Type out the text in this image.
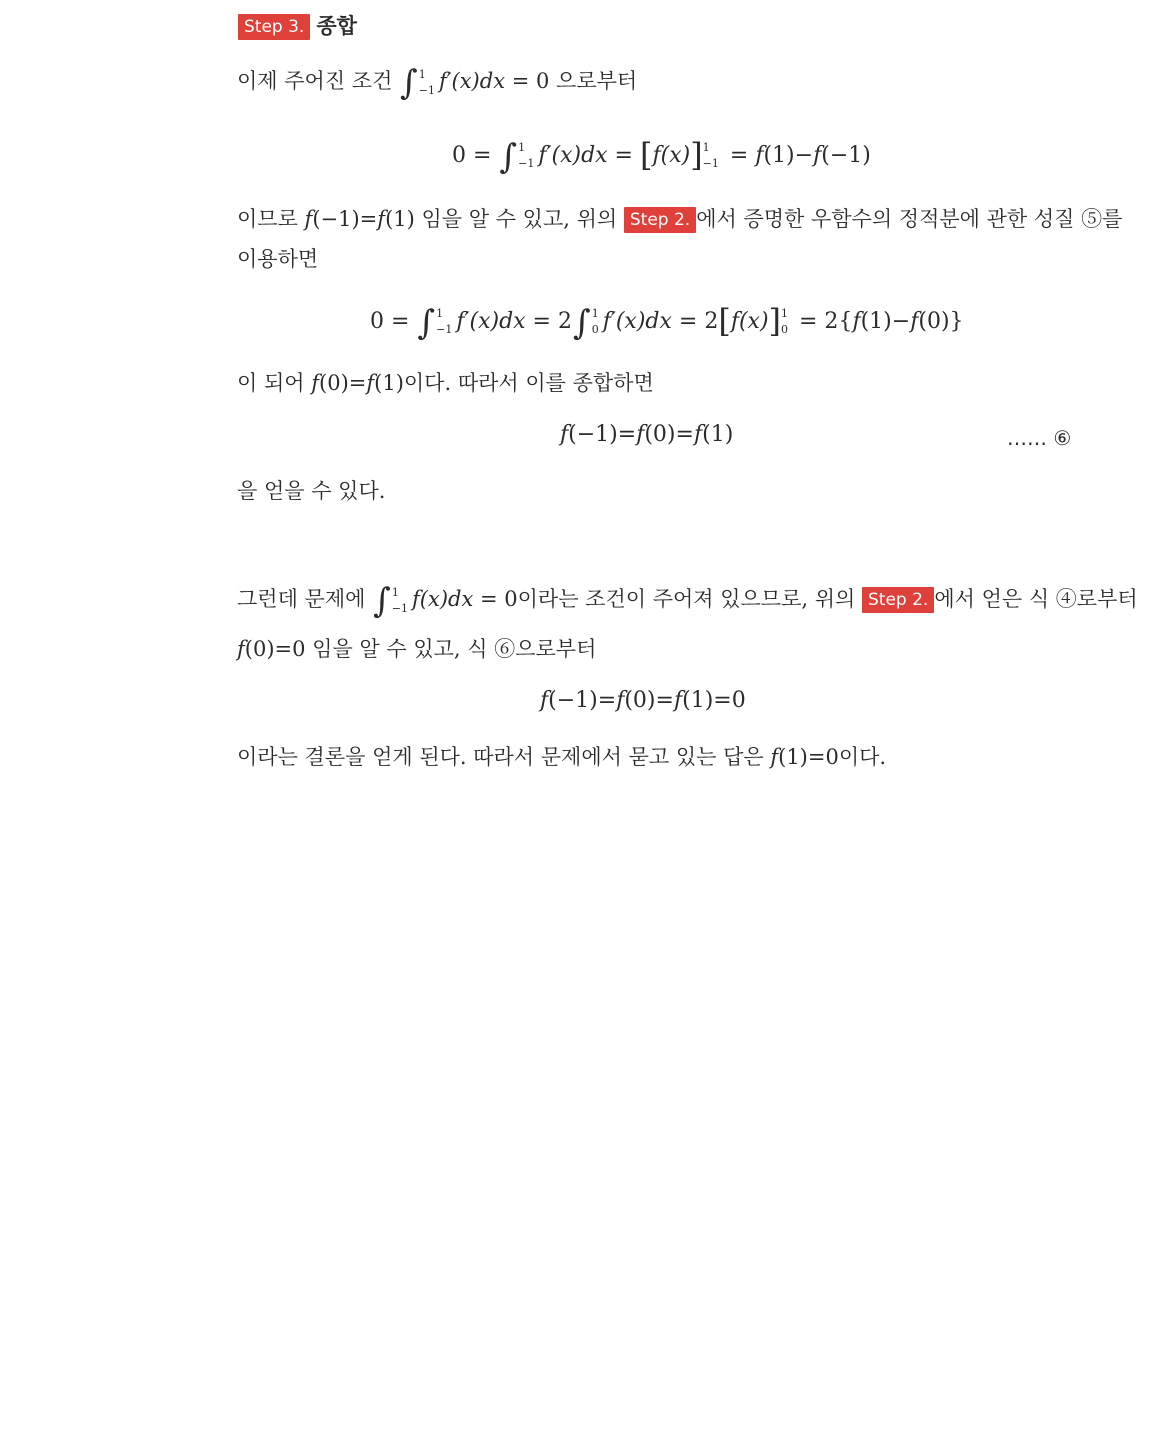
Step 3. 종합
이제 주어진 조건 ∫ 1
−1 f′(x)dx = 0 으로부터
0 = ∫ 1
−1 f′(x)dx = [f(x)] 1
−1 = f(1)−f(−1)
이므로 f(−1)=f(1) 임을 알 수 있고, 위의 Step 2. 에서 증명한 우함수의 정적분에 관한 성질 ⑤를
이용하면
0 = ∫ 1
−1 f′(x)dx = 2∫ 1
0 f′(x)dx = 2[f(x)] 1
0 = 2{f(1)−f(0)}
이 되어 f(0)=f(1)이다. 따라서 이를 종합하면
f(−1)=f(0)=f(1)	…… ⑥
을 얻을 수 있다.
그런데 문제에 ∫ 1
−1 f(x)dx = 0이라는 조건이 주어져 있으므로, 위의 Step 2. 에서 얻은 식 ④로부터
f(0)=0 임을 알 수 있고, 식 ⑥으로부터
f(−1)=f(0)=f(1)=0
이라는 결론을 얻게 된다. 따라서 문제에서 묻고 있는 답은 f(1)=0이다.
